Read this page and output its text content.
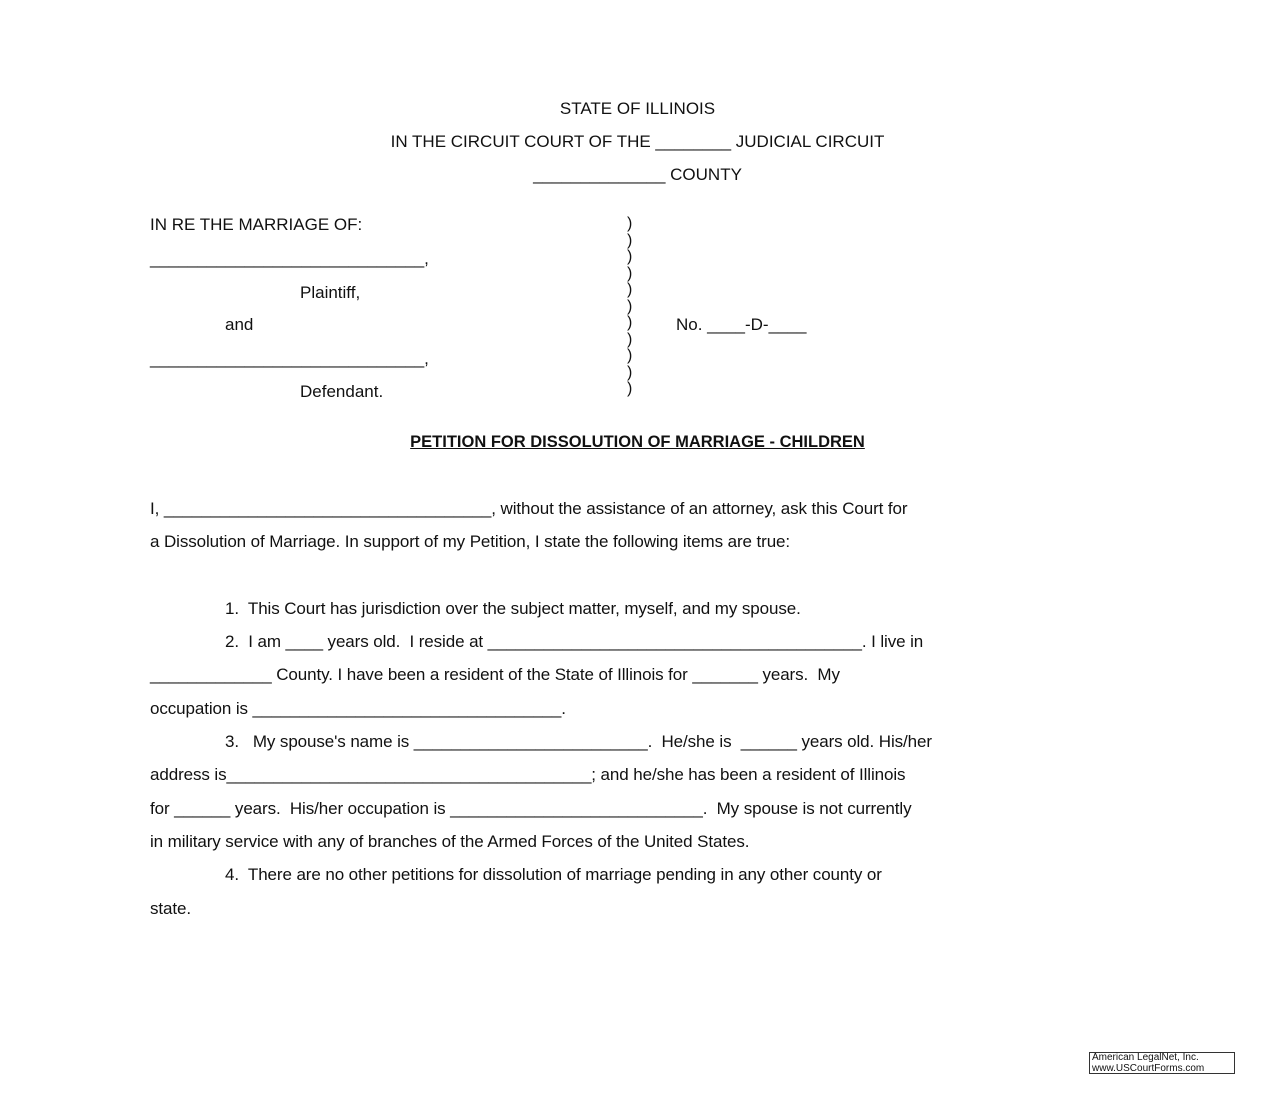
STATE OF ILLINOIS
IN THE CIRCUIT COURT OF THE ________ JUDICIAL CIRCUIT
______________ COUNTY
IN RE THE MARRIAGE OF:
_____________________________,
Plaintiff,
and
_____________________________,
Defendant.
)
)
)
)
)
)
)
)
)
)
)
No. ____-D-____
PETITION FOR DISSOLUTION OF MARRIAGE - CHILDREN
I, ___________________________________, without the assistance of an attorney, ask this Court for
a Dissolution of Marriage. In support of my Petition, I state the following items are true:
1.  This Court has jurisdiction over the subject matter, myself, and my spouse.
2.  I am ____ years old.  I reside at ________________________________________. I live in
_____________ County. I have been a resident of the State of Illinois for _______ years.  My
occupation is _________________________________.
3.   My spouse's name is _________________________.  He/she is  ______ years old. His/her
address is_______________________________________; and he/she has been a resident of Illinois
for ______ years.  His/her occupation is ___________________________.  My spouse is not currently
in military service with any of branches of the Armed Forces of the United States.
4.  There are no other petitions for dissolution of marriage pending in any other county or
state.
American LegalNet, Inc.
www.USCourtForms.com
